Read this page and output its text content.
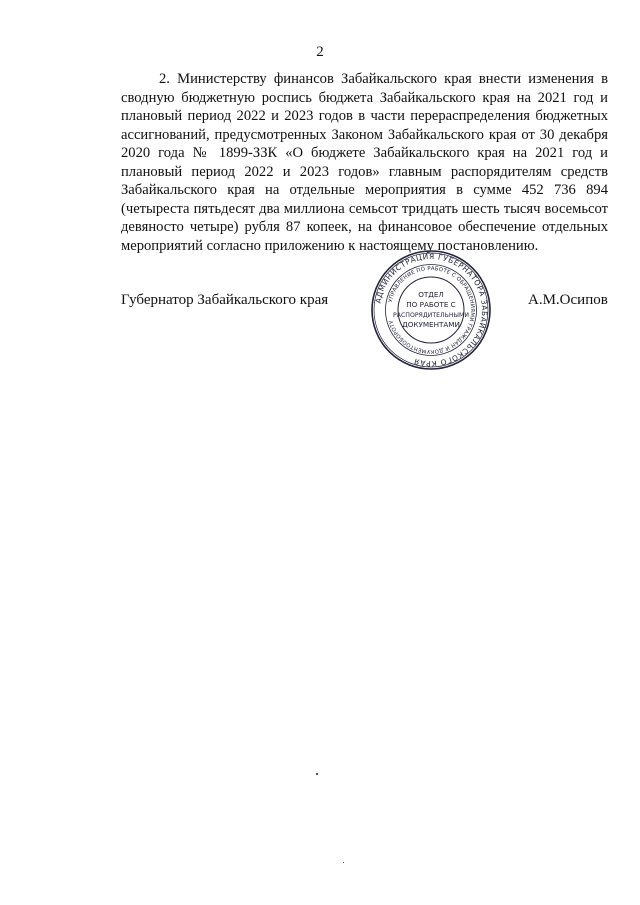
2

2. Министерству финансов Забайкальского края внести изменения в сводную бюджетную роспись бюджета Забайкальского края на 2021 год и плановый период 2022 и 2023 годов в части перераспределения бюджетных ассигнований, предусмотренных Законом Забайкальского края от 30 декабря 2020 года № 1899-ЗЗК «О бюджете Забайкальского края на 2021 год и плановый период 2022 и 2023 годов» главным распорядителям средств Забайкальского края на отдельные мероприятия в сумме 452 736 894 (четыреста пятьдесят два миллиона семьсот тридцать шесть тысяч восемьсот девяносто четыре) рубля 87 копеек, на финансовое обеспечение отдельных мероприятий согласно приложению к настоящему постановлению.

Губернатор Забайкальского края	АДМИНИСТРАЦИЯ ГУБЕРНАТОРА ЗАБАЙКАЛЬСКОГО КРАЯ
УПРАВЛЕНИЕ ПО РАБОТЕ С ОБРАЩЕНИЯМИ ГРАЖДАН И ДОКУМЕНТООБОРОТУ
ОТДЕЛ
ПО РАБОТЕ С
РАСПОРЯДИТЕЛЬНЫМИ
ДОКУМЕНТАМИ
А.М.Осипов
